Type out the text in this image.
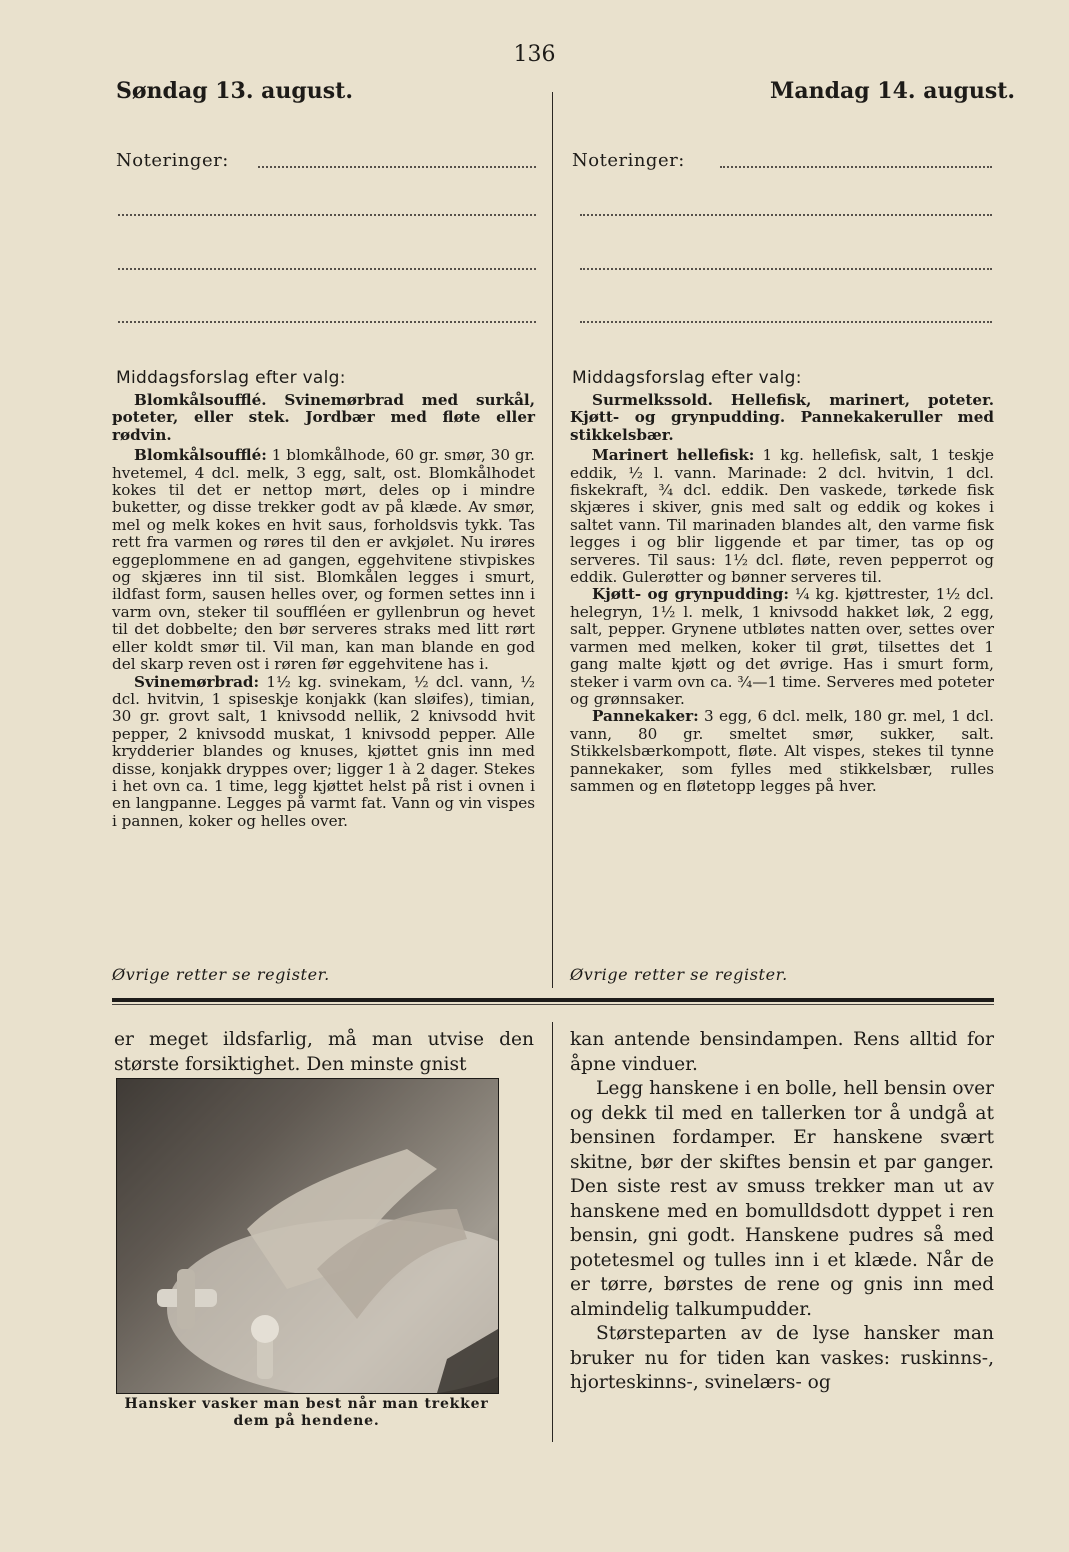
136
Søndag 13. august.	Mandag 14. august.
Noteringer:	Noteringer:
Middagsforslag efter valg:

Blomkålsoufflé. Svinemørbrad med surkål, poteter, eller stek. Jordbær med fløte eller rødvin.

Blomkålsoufflé: 1 blomkålhode, 60 gr. smør, 30 gr. hvetemel, 4 dcl. melk, 3 egg, salt, ost. Blomkålhodet kokes til det er nettop mørt, deles op i mindre buketter, og disse trekker godt av på klæde. Av smør, mel og melk kokes en hvit saus, forholdsvis tykk. Tas rett fra varmen og røres til den er avkjølet. Nu irøres eggeplommene en ad gangen, eggehvitene stivpiskes og skjæres inn til sist. Blomkålen legges i smurt, ildfast form, sausen helles over, og formen settes inn i varm ovn, steker til souffléen er gyllenbrun og hevet til det dobbelte; den bør serveres straks med litt rørt eller koldt smør til. Vil man, kan man blande en god del skarp reven ost i røren før eggehvitene has i.

Svinemørbrad: 1½ kg. svinekam, ½ dcl. vann, ½ dcl. hvitvin, 1 spiseskje konjakk (kan sløifes), timian, 30 gr. grovt salt, 1 knivsodd nellik, 2 knivsodd hvit pepper, 2 knivsodd muskat, 1 knivsodd pepper. Alle krydderier blandes og knuses, kjøttet gnis inn med disse, konjakk dryppes over; ligger 1 à 2 dager. Stekes i het ovn ca. 1 time, legg kjøttet helst på rist i ovnen i en langpanne. Legges på varmt fat. Vann og vin vispes i pannen, koker og helles over.

Øvrige retter se register.
Middagsforslag efter valg:

Surmelkssold. Hellefisk, marinert, poteter. Kjøtt- og grynpudding. Pannekakeruller med stikkelsbær.

Marinert hellefisk: 1 kg. hellefisk, salt, 1 teskje eddik, ½ l. vann. Marinade: 2 dcl. hvitvin, 1 dcl. fiskekraft, ¾ dcl. eddik. Den vaskede, tørkede fisk skjæres i skiver, gnis med salt og eddik og kokes i saltet vann. Til marinaden blandes alt, den varme fisk legges i og blir liggende et par timer, tas op og serveres. Til saus: 1½ dcl. fløte, reven pepperrot og eddik. Gulerøtter og bønner serveres til.

Kjøtt- og grynpudding: ¼ kg. kjøttrester, 1½ dcl. helegryn, 1½ l. melk, 1 knivsodd hakket løk, 2 egg, salt, pepper. Grynene utbløtes natten over, settes over varmen med melken, koker til grøt, tilsettes det 1 gang malte kjøtt og det øvrige. Has i smurt form, steker i varm ovn ca. ¾—1 time. Serveres med poteter og grønnsaker.

Pannekaker: 3 egg, 6 dcl. melk, 180 gr. mel, 1 dcl. vann, 80 gr. smeltet smør, sukker, salt. Stikkelsbærkompott, fløte. Alt vispes, stekes til tynne pannekaker, som fylles med stikkelsbær, rulles sammen og en fløtetopp legges på hver.

Øvrige retter se register.
er meget ildsfarlig, må man utvise den største forsiktighet. Den minste gnist
Hansker vasker man best når man trekker dem på hendene.

kan antende bensindampen. Rens alltid for åpne vinduer.

Legg hanskene i en bolle, hell bensin over og dekk til med en tallerken tor å undgå at bensinen fordamper. Er hanskene svært skitne, bør der skiftes bensin et par ganger. Den siste rest av smuss trekker man ut av hanskene med en bomulldsdott dyppet i ren bensin, gni godt. Hanskene pudres så med potetesmel og tulles inn i et klæde. Når de er tørre, børstes de rene og gnis inn med almindelig talkumpudder.

Størsteparten av de lyse hansker man bruker nu for tiden kan vaskes: ruskinns-, hjorteskinns-, svinelærs- og
